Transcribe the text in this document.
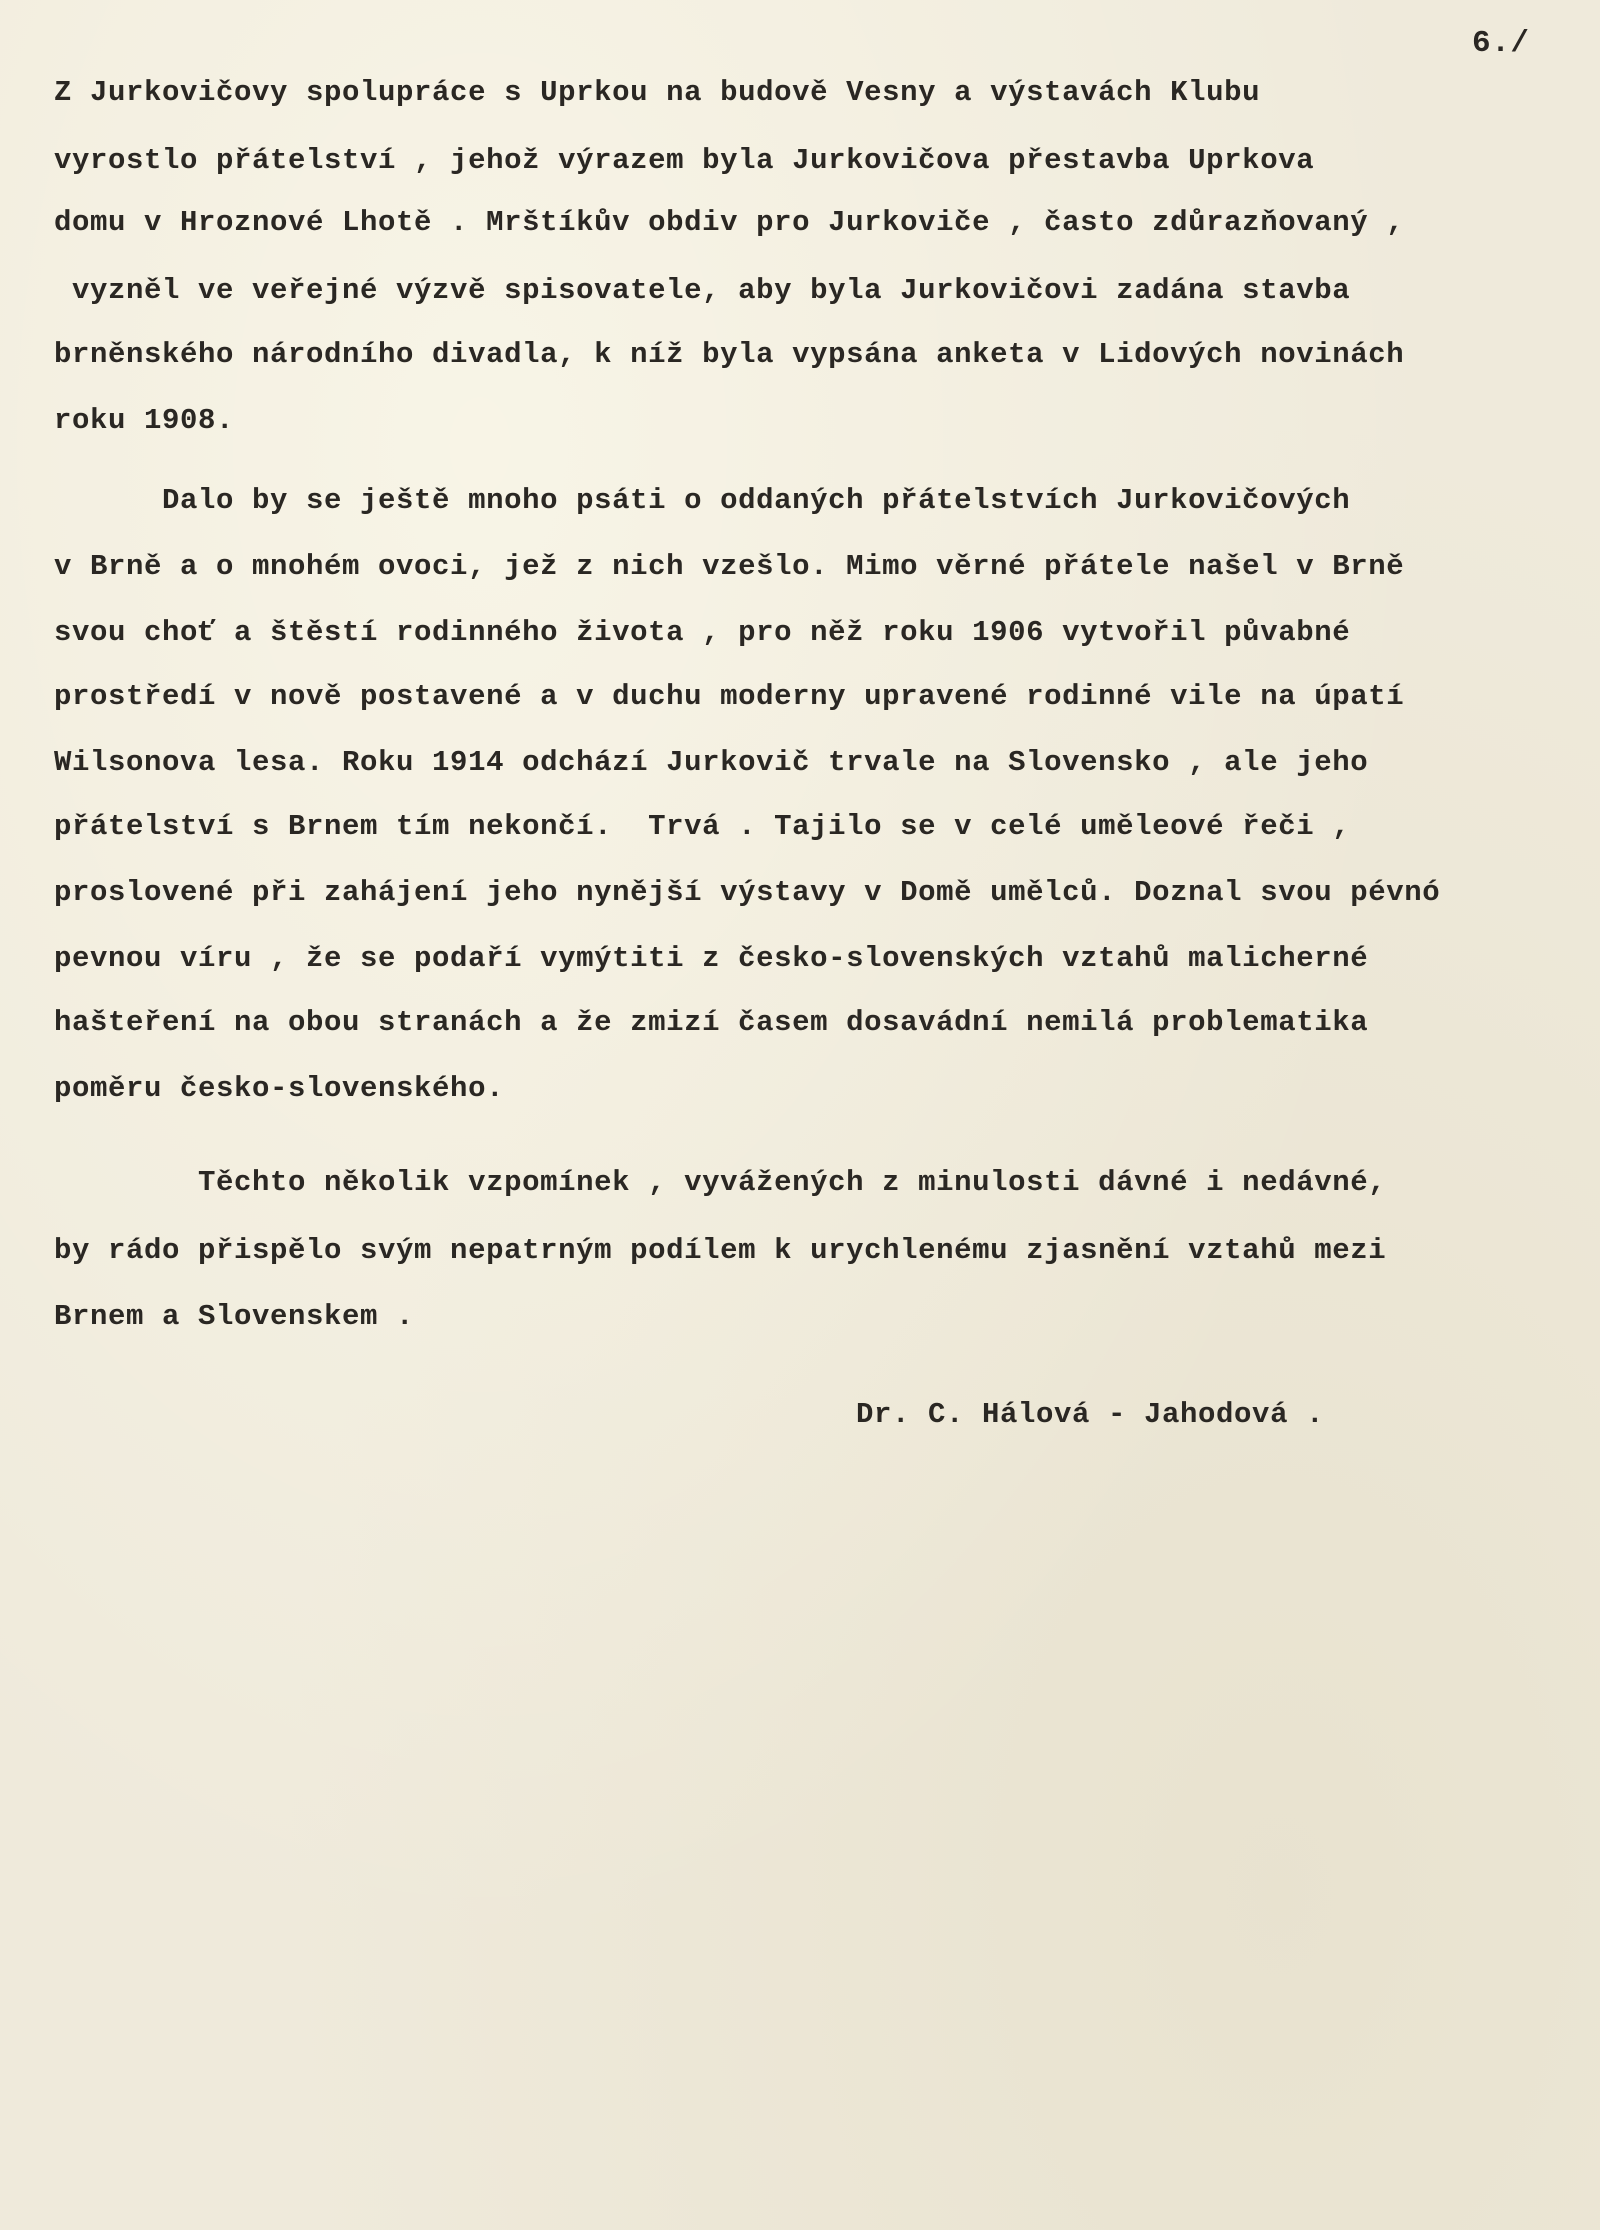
6./

Z Jurkovičovy spolupráce s Uprkou na budově Vesny a výstavách Klubu

vyrostlo přátelství , jehož výrazem byla Jurkovičova přestavba Uprkova

domu v Hroznové Lhotě . Mrštíkův obdiv pro Jurkoviče , často zdůrazňovaný ,

vyzněl ve veřejné výzvě spisovatele, aby byla Jurkovičovi zadána stavba

brněnského národního divadla, k níž byla vypsána anketa v Lidových novinách

roku 1908.

Dalo by se ještě mnoho psáti o oddaných přátelstvích Jurkovičových

v Brně a o mnohém ovoci, jež z nich vzešlo. Mimo věrné přátele našel v Brně

svou choť a štěstí rodinného života , pro něž roku 1906 vytvořil půvabné

prostředí v nově postavené a v duchu moderny upravené rodinné vile na úpatí

Wilsonova lesa. Roku 1914 odchází Jurkovič trvale na Slovensko , ale jeho

přátelství s Brnem tím nekončí.  Trvá . Tajilo se v celé uměleové řeči ,

proslovené při zahájení jeho nynější výstavy v Domě umělců. Doznal svou pévnó

pevnou víru , že se podaří vymýtiti z česko-slovenských vztahů malicherné

hašteření na obou stranách a že zmizí časem dosavádní nemilá problematika

poměru česko-slovenského.

Těchto několik vzpomínek , vyvážených z minulosti dávné i nedávné,

by rádo přispělo svým nepatrným podílem k urychlenému zjasnění vztahů mezi

Brnem a Slovenskem .

Dr. C. Hálová - Jahodová .
